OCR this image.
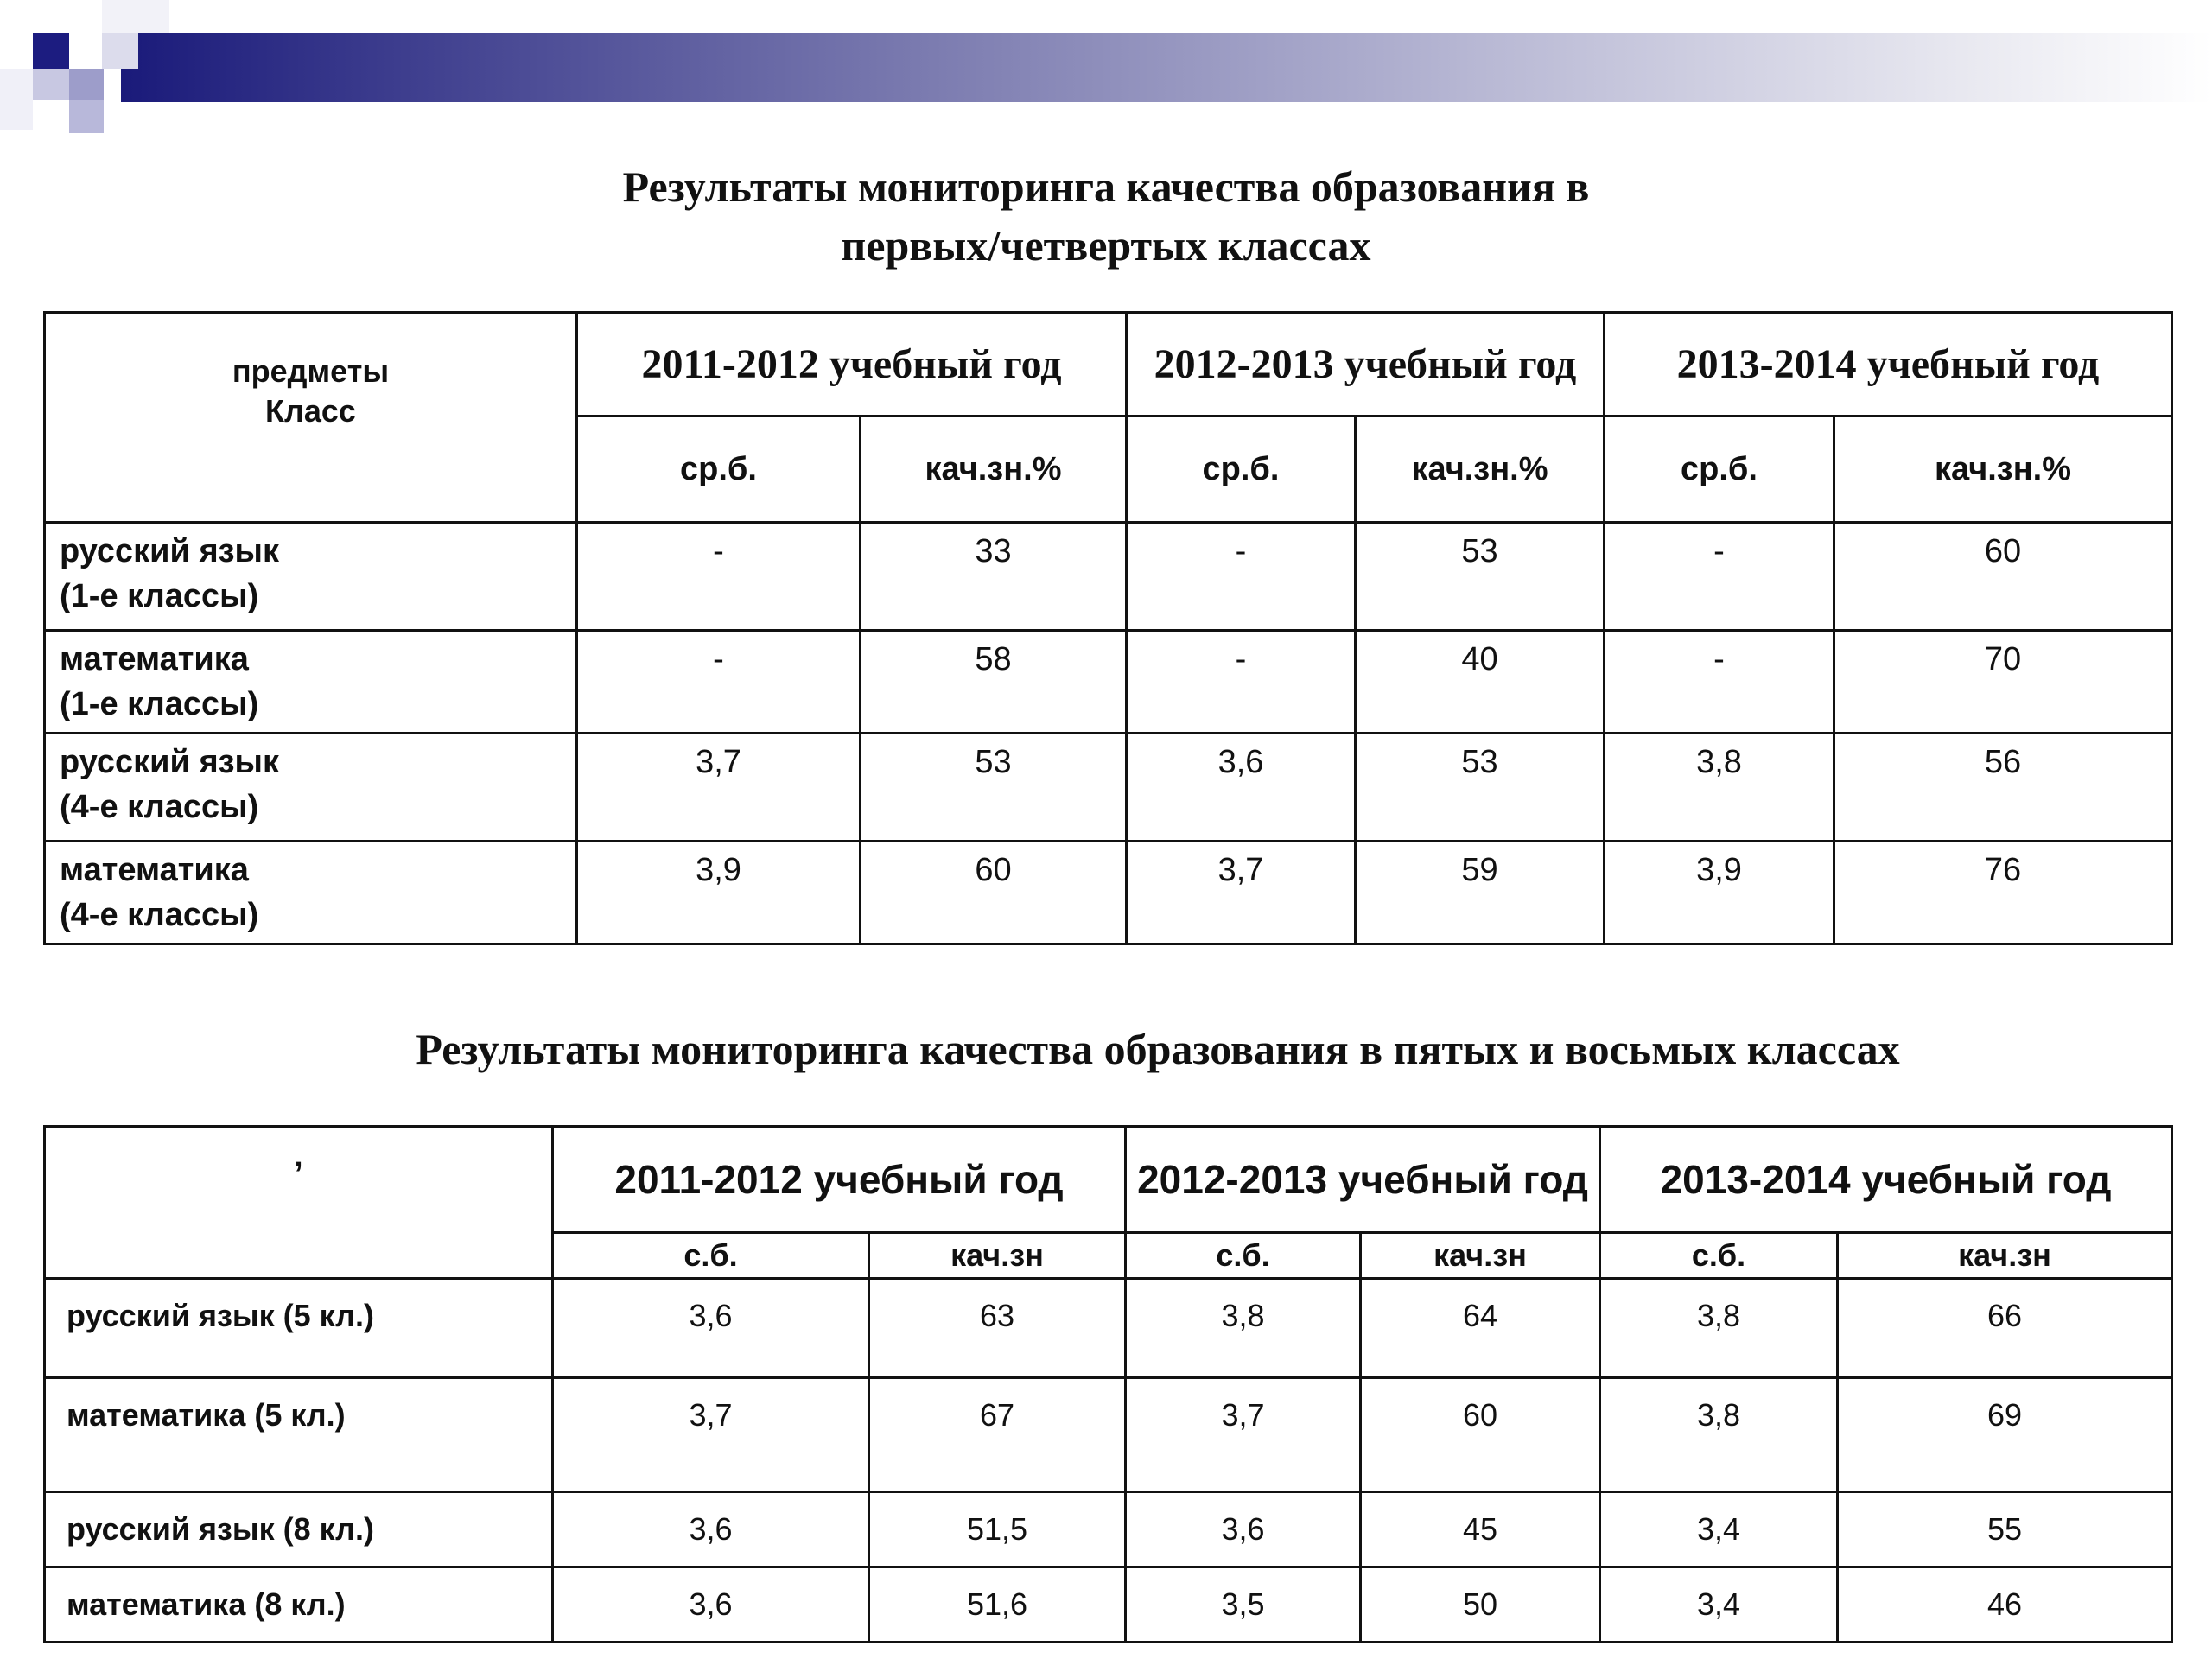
Результаты мониторинга качества образования в
первых/четвертых классах
предметы
Класс	2011-2012 учебный год		2012-2013 учебный год		2013-2014 учебный год	
	ср.б.	кач.зн.%	ср.б.	кач.зн.%	ср.б.	кач.зн.%

русский язык
(1-е классы)	-	33	-	53	-	60

математика
(1-е классы)	-	58	-	40	-	70

русский язык
(4-е классы)	3,7	53	3,6	53	3,8	56

математика
(4-е классы)	3,9	60	3,7	59	3,9	76
Результаты мониторинга качества образования в пятых и восьмых классах
,	2011-2012 учебный год		2012-2013 учебный год		2013-2014 учебный год	
	с.б.	кач.зн	с.б.	кач.зн	с.б.	кач.зн
русский язык (5 кл.)	3,6	63	3,8	64	3,8	66
математика (5 кл.)	3,7	67	3,7	60	3,8	69
русский язык (8 кл.)	3,6	51,5	3,6	45	3,4	55
математика (8 кл.)	3,6	51,6	3,5	50	3,4	46
